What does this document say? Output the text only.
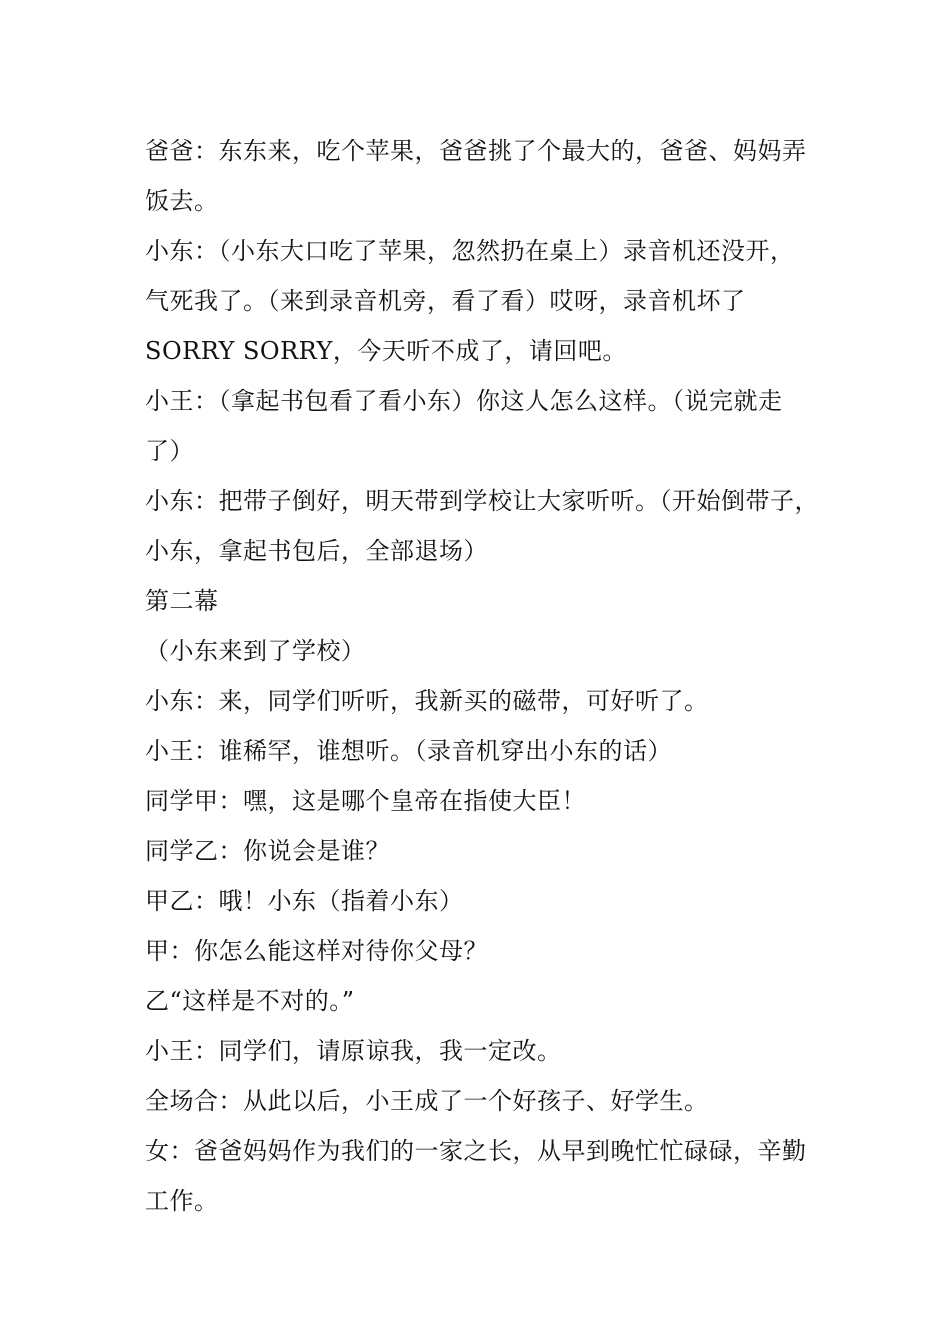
爸爸：东东来，吃个苹果，爸爸挑了个最大的，爸爸、妈妈弄
饭去。
小东：（小东大口吃了苹果，忽然扔在桌上）录音机还没开，
气死我了。（来到录音机旁，看了看）哎呀，录音机坏了
SORRY SORRY，今天听不成了，请回吧。
小王：（拿起书包看了看小东）你这人怎么这样。（说完就走
了）
小东：把带子倒好，明天带到学校让大家听听。（开始倒带子，
小东，拿起书包后，全部退场）
第二幕
（小东来到了学校）
小东：来，同学们听听，我新买的磁带，可好听了。
小王：谁稀罕，谁想听。（录音机穿出小东的话）
同学甲：嘿，这是哪个皇帝在指使大臣！
同学乙：你说会是谁？
甲乙：哦！小东（指着小东）
甲：你怎么能这样对待你父母？
乙“这样是不对的。”
小王：同学们，请原谅我，我一定改。
全场合：从此以后，小王成了一个好孩子、好学生。
女：爸爸妈妈作为我们的一家之长，从早到晚忙忙碌碌，辛勤
工作。
